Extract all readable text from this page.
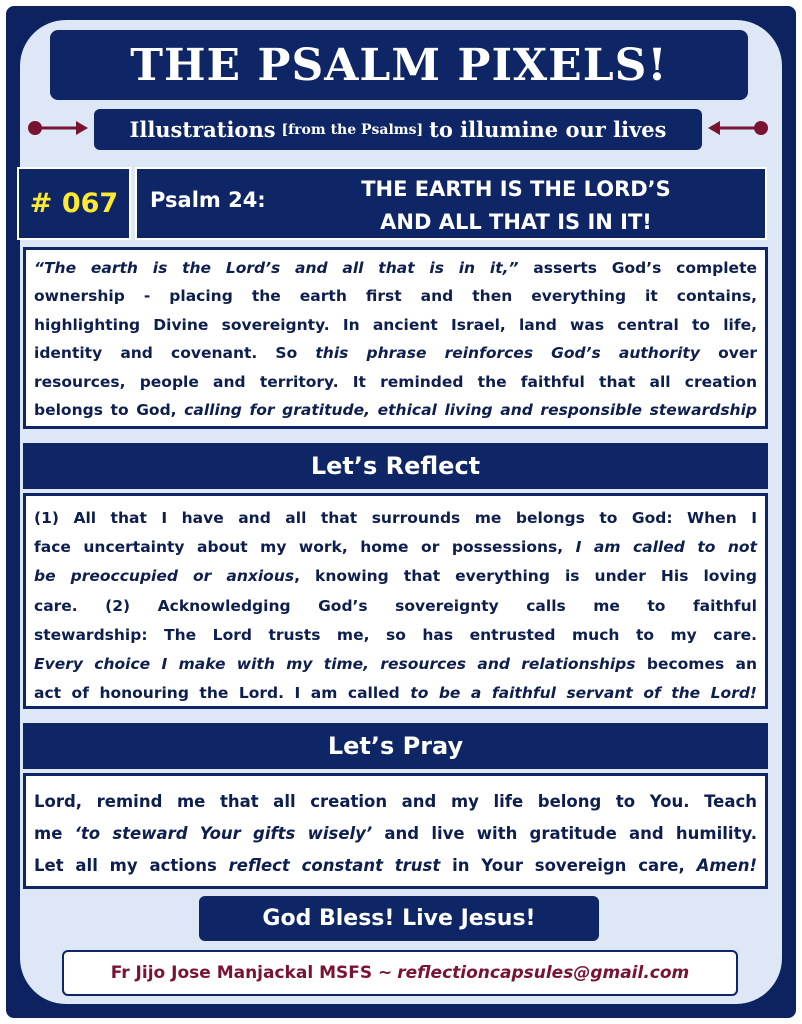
THE PSALM PIXELS!
Illustrations [from the Psalms] to illumine our lives
# 067	Psalm 24:	THE EARTH IS THE LORD’S
AND ALL THAT IS IN IT!
“The earth is the Lord’s and all that is in it,” asserts God’s complete
ownership - placing the earth first and then everything it contains,
highlighting Divine sovereignty. In ancient Israel, land was central to life,
identity and covenant. So this phrase reinforces God’s authority over
resources, people and territory. It reminded the faithful that all creation
belongs to God, calling for gratitude, ethical living and responsible stewardship
Let’s Reflect
(1) All that I have and all that surrounds me belongs to God: When I
face uncertainty about my work, home or possessions, I am called to not
be preoccupied or anxious, knowing that everything is under His loving
care. (2) Acknowledging God’s sovereignty calls me to faithful
stewardship: The Lord trusts me, so has entrusted much to my care.
Every choice I make with my time, resources and relationships becomes an
act of honouring the Lord. I am called to be a faithful servant of the Lord!
Let’s Pray
Lord, remind me that all creation and my life belong to You. Teach
me ‘to steward Your gifts wisely’ and live with gratitude and humility.
Let all my actions reflect constant trust in Your sovereign care, Amen!
God Bless! Live Jesus!
Fr Jijo Jose Manjackal MSFS ~ reflectioncapsules@gmail.com
